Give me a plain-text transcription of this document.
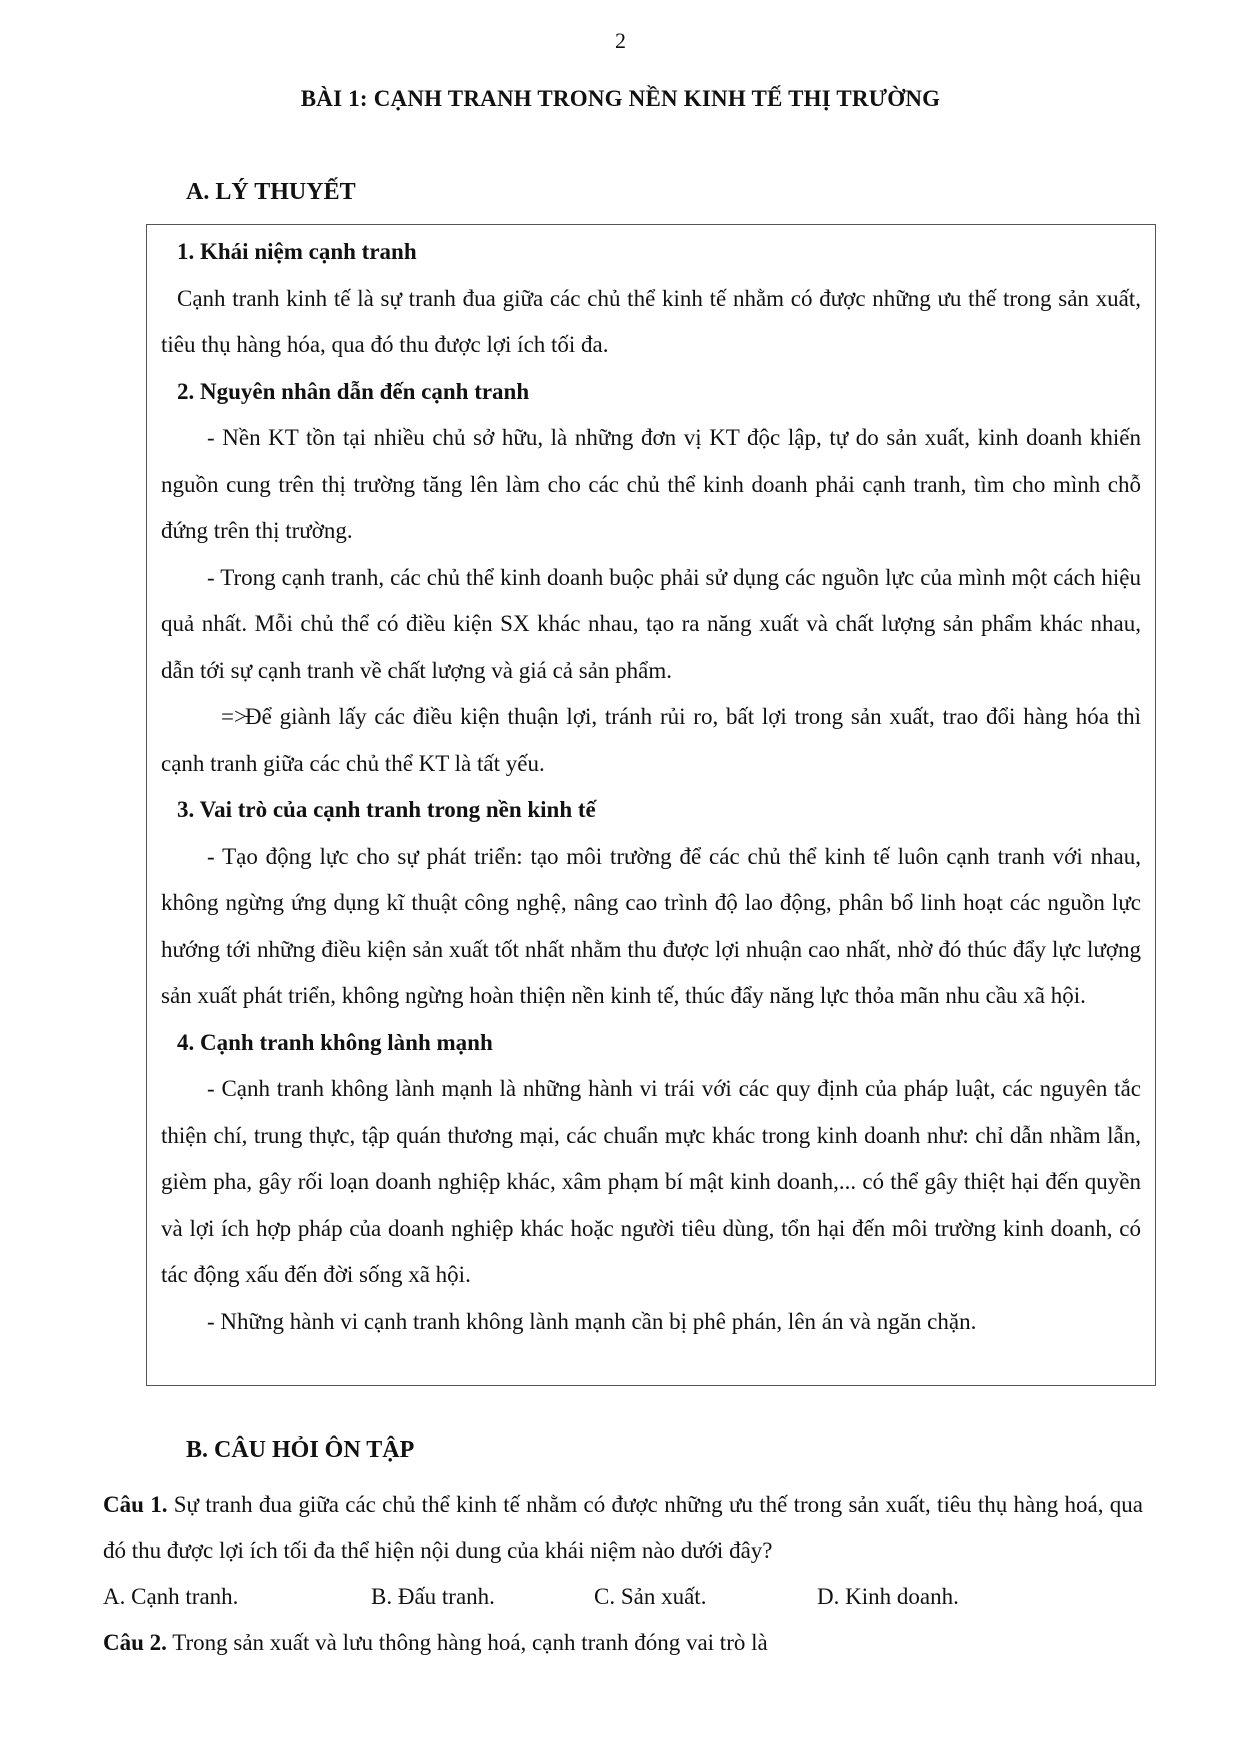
2
BÀI 1: CẠNH TRANH TRONG NỀN KINH TẾ THỊ TRƯỜNG
A. LÝ THUYẾT

1. Khái niệm cạnh tranh

Cạnh tranh kinh tế là sự tranh đua giữa các chủ thể kinh tế nhằm có được những ưu thế trong sản xuất, tiêu thụ hàng hóa, qua đó thu được lợi ích tối đa.

2. Nguyên nhân dẫn đến cạnh tranh

- Nền KT tồn tại nhiều chủ sở hữu, là những đơn vị KT độc lập, tự do sản xuất, kinh doanh khiến nguồn cung trên thị trường tăng lên làm cho các chủ thể kinh doanh phải cạnh tranh, tìm cho mình chỗ đứng trên thị trường.

- Trong cạnh tranh, các chủ thể kinh doanh buộc phải sử dụng các nguồn lực của mình một cách hiệu quả nhất. Mỗi chủ thể có điều kiện SX khác nhau, tạo ra năng xuất và chất lượng sản phẩm khác nhau, dẫn tới sự cạnh tranh về chất lượng và giá cả sản phẩm.

=>Để giành lấy các điều kiện thuận lợi, tránh rủi ro, bất lợi trong sản xuất, trao đổi hàng hóa thì cạnh tranh giữa các chủ thể KT là tất yếu.

3. Vai trò của cạnh tranh trong nền kinh tế

- Tạo động lực cho sự phát triển: tạo môi trường để các chủ thể kinh tế luôn cạnh tranh với nhau, không ngừng ứng dụng kĩ thuật công nghệ, nâng cao trình độ lao động, phân bổ linh hoạt các nguồn lực hướng tới những điều kiện sản xuất tốt nhất nhằm thu được lợi nhuận cao nhất, nhờ đó thúc đẩy lực lượng sản xuất phát triển, không ngừng hoàn thiện nền kinh tế, thúc đẩy năng lực thỏa mãn nhu cầu xã hội.

4. Cạnh tranh không lành mạnh

- Cạnh tranh không lành mạnh là những hành vi trái với các quy định của pháp luật, các nguyên tắc thiện chí, trung thực, tập quán thương mại, các chuẩn mực khác trong kinh doanh như: chỉ dẫn nhầm lẫn, gièm pha, gây rối loạn doanh nghiệp khác, xâm phạm bí mật kinh doanh,... có thể gây thiệt hại đến quyền và lợi ích hợp pháp của doanh nghiệp khác hoặc người tiêu dùng, tổn hại đến môi trường kinh doanh, có tác động xấu đến đời sống xã hội.

- Những hành vi cạnh tranh không lành mạnh cần bị phê phán, lên án và ngăn chặn.

B. CÂU HỎI ÔN TẬP

Câu 1. Sự tranh đua giữa các chủ thể kinh tế nhằm có được những ưu thế trong sản xuất, tiêu thụ hàng hoá, qua đó thu được lợi ích tối đa thể hiện nội dung của khái niệm nào dưới đây?

A. Cạnh tranh.	B. Đấu tranh.	C. Sản xuất.	D. Kinh doanh.

Câu 2. Trong sản xuất và lưu thông hàng hoá, cạnh tranh đóng vai trò là
